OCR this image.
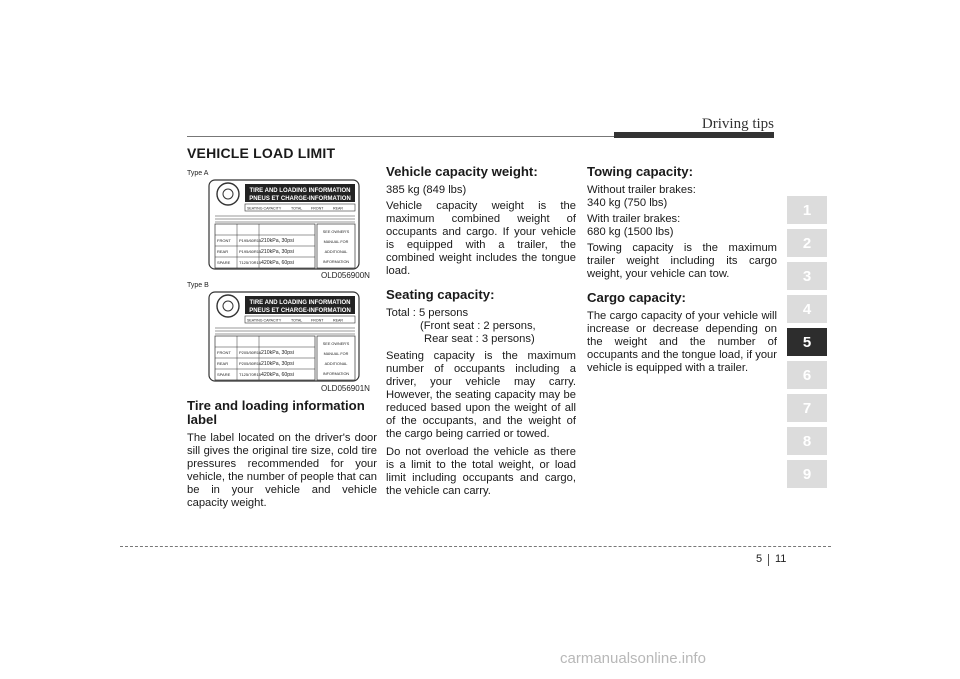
Driving tips
VEHICLE LOAD LIMIT
1
2
3
4
5
6
7
8
9
Type A
TIRE AND LOADING INFORMATION
PNEUS ET CHARGE-INFORMATION
SEATING CAPACITY	TOTAL FRONT	REAR
FRONT P195/60R15 210kPa, 30psi
REAR	P195/60R15 210kPa, 30psi
SPARE T125/70R15 420kPa, 60psi
SEE OWNER'S
MANUAL FOR
ADDITIONAL
INFORMATION
OLD056900N
Type B
TIRE AND LOADING INFORMATION
PNEUS ET CHARGE-INFORMATION
SEATING CAPACITY	TOTAL FRONT	REAR
FRONT P205/50R16 210kPa, 30psi
REAR	P205/50R16 210kPa, 30psi
SPARE T125/70R15 420kPa, 60psi
SEE OWNER'S
MANUAL FOR
ADDITIONAL
INFORMATION
OLD056901N
Tire and loading information label

The label located on the driver's door sill gives the original tire size, cold tire pressures recommended for your vehicle, the number of people that can be in your vehicle and vehicle capacity weight.

Vehicle capacity weight:

385 kg (849 lbs)

Vehicle capacity weight is the maximum combined weight of occupants and cargo. If your vehicle is equipped with a trailer, the combined weight includes the tongue load.

Seating capacity:
Total : 5 persons
(Front seat : 2 persons,
Rear seat : 3 persons)

Seating capacity is the maximum number of occupants including a driver, your vehicle may carry. However, the seating capacity may be reduced based upon the weight of all of the occupants, and the weight of the cargo being carried or towed.

Do not overload the vehicle as there is a limit to the total weight, or load limit including occupants and cargo, the vehicle can carry.

Towing capacity:
Without trailer brakes:
340 kg (750 lbs)
With trailer brakes:
680 kg (1500 lbs)

Towing capacity is the maximum trailer weight including its cargo weight, your vehicle can tow.

Cargo capacity:

The cargo capacity of your vehicle will increase or decrease depending on the weight and the number of occupants and the tongue load, if your vehicle is equipped with a trailer.

5 11
carmanualsonline.info
